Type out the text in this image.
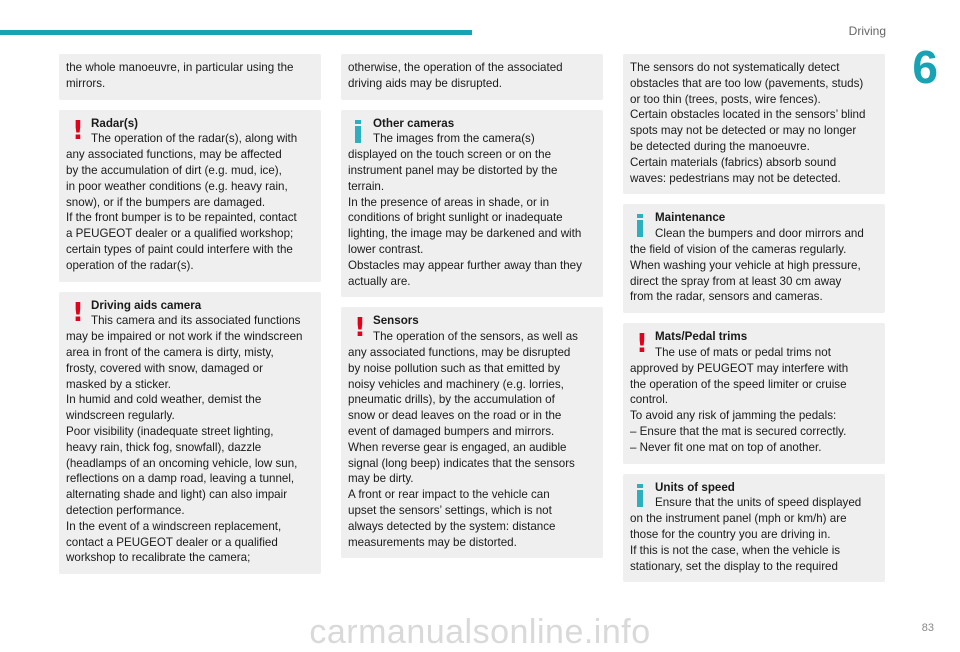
Driving
6
the whole manoeuvre, in particular using the
mirrors.
! Radar(s)
The operation of the radar(s), along with
any associated functions, may be affected
by the accumulation of dirt (e.g. mud, ice),
in poor weather conditions (e.g. heavy rain,
snow), or if the bumpers are damaged.
If the front bumper is to be repainted, contact
a PEUGEOT dealer or a qualified workshop;
certain types of paint could interfere with the
operation of the radar(s).
! Driving aids camera
This camera and its associated functions
may be impaired or not work if the windscreen
area in front of the camera is dirty, misty,
frosty, covered with snow, damaged or
masked by a sticker.
In humid and cold weather, demist the
windscreen regularly.
Poor visibility (inadequate street lighting,
heavy rain, thick fog, snowfall), dazzle
(headlamps of an oncoming vehicle, low sun,
reflections on a damp road, leaving a tunnel,
alternating shade and light) can also impair
detection performance.
In the event of a windscreen replacement,
contact a PEUGEOT dealer or a qualified
workshop to recalibrate the camera;
otherwise, the operation of the associated
driving aids may be disrupted.
Other cameras
The images from the camera(s)
displayed on the touch screen or on the
instrument panel may be distorted by the
terrain.
In the presence of areas in shade, or in
conditions of bright sunlight or inadequate
lighting, the image may be darkened and with
lower contrast.
Obstacles may appear further away than they
actually are.
! Sensors
The operation of the sensors, as well as
any associated functions, may be disrupted
by noise pollution such as that emitted by
noisy vehicles and machinery (e.g. lorries,
pneumatic drills), by the accumulation of
snow or dead leaves on the road or in the
event of damaged bumpers and mirrors.
When reverse gear is engaged, an audible
signal (long beep) indicates that the sensors
may be dirty.
A front or rear impact to the vehicle can
upset the sensors’ settings, which is not
always detected by the system: distance
measurements may be distorted.
The sensors do not systematically detect
obstacles that are too low (pavements, studs)
or too thin (trees, posts, wire fences).
Certain obstacles located in the sensors’ blind
spots may not be detected or may no longer
be detected during the manoeuvre.
Certain materials (fabrics) absorb sound
waves: pedestrians may not be detected.
Maintenance
Clean the bumpers and door mirrors and
the field of vision of the cameras regularly.
When washing your vehicle at high pressure,
direct the spray from at least 30 cm away
from the radar, sensors and cameras.
! Mats/Pedal trims
The use of mats or pedal trims not
approved by PEUGEOT may interfere with
the operation of the speed limiter or cruise
control.
To avoid any risk of jamming the pedals:
– Ensure that the mat is secured correctly.
– Never fit one mat on top of another.
Units of speed
Ensure that the units of speed displayed
on the instrument panel (mph or km/h) are
those for the country you are driving in.
If this is not the case, when the vehicle is
stationary, set the display to the required
83
carmanualsonline.info
